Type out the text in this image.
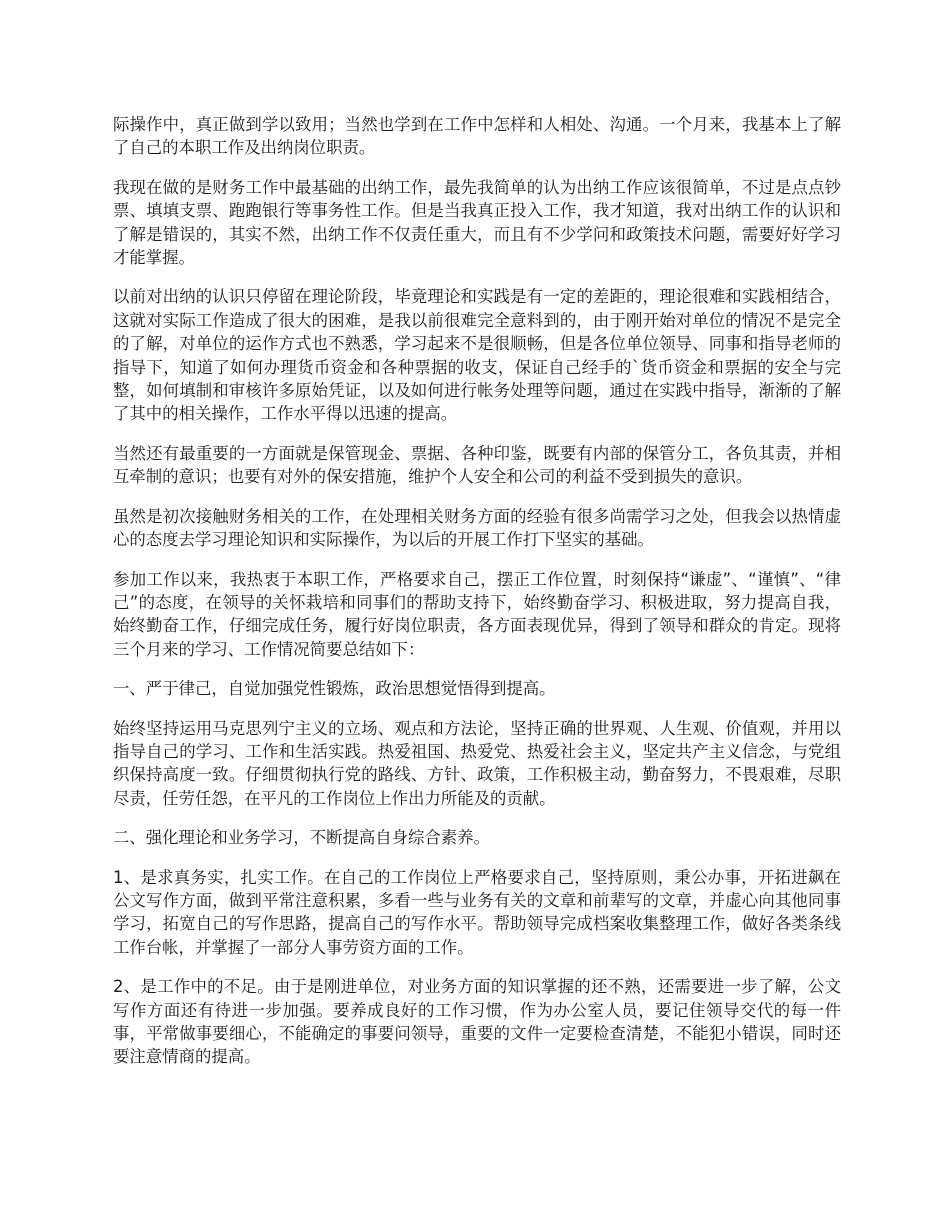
际操作中，真正做到学以致用；当然也学到在工作中怎样和人相处、沟通。一个月来，我基本上了解了自己的本职工作及出纳岗位职责。

我现在做的是财务工作中最基础的出纳工作，最先我简单的认为出纳工作应该很简单，不过是点点钞票、填填支票、跑跑银行等事务性工作。但是当我真正投入工作，我才知道，我对出纳工作的认识和了解是错误的，其实不然，出纳工作不仅责任重大，而且有不少学问和政策技术问题，需要好好学习才能掌握。

以前对出纳的认识只停留在理论阶段，毕竟理论和实践是有一定的差距的，理论很难和实践相结合，这就对实际工作造成了很大的困难，是我以前很难完全意料到的，由于刚开始对单位的情况不是完全的了解，对单位的运作方式也不熟悉，学习起来不是很顺畅，但是各位单位领导、同事和指导老师的指导下，知道了如何办理货币资金和各种票据的收支，保证自己经手的`货币资金和票据的安全与完整，如何填制和审核许多原始凭证，以及如何进行帐务处理等问题，通过在实践中指导，渐渐的了解了其中的相关操作，工作水平得以迅速的提高。

当然还有最重要的一方面就是保管现金、票据、各种印鉴，既要有内部的保管分工，各负其责，并相互牵制的意识；也要有对外的保安措施，维护个人安全和公司的利益不受到损失的意识。

虽然是初次接触财务相关的工作，在处理相关财务方面的经验有很多尚需学习之处，但我会以热情虚心的态度去学习理论知识和实际操作，为以后的开展工作打下坚实的基础。

参加工作以来，我热衷于本职工作，严格要求自己，摆正工作位置，时刻保持“谦虚”、“谨慎”、“律己”的态度，在领导的关怀栽培和同事们的帮助支持下，始终勤奋学习、积极进取，努力提高自我，始终勤奋工作，仔细完成任务，履行好岗位职责，各方面表现优异，得到了领导和群众的肯定。现将三个月来的学习、工作情况简要总结如下：

一、严于律己，自觉加强党性锻炼，政治思想觉悟得到提高。

始终坚持运用马克思列宁主义的立场、观点和方法论，坚持正确的世界观、人生观、价值观，并用以指导自己的学习、工作和生活实践。热爱祖国、热爱党、热爱社会主义，坚定共产主义信念，与党组织保持高度一致。仔细贯彻执行党的路线、方针、政策，工作积极主动，勤奋努力，不畏艰难，尽职尽责，任劳任怨，在平凡的工作岗位上作出力所能及的贡献。

二、强化理论和业务学习，不断提高自身综合素养。

1、是求真务实，扎实工作。在自己的工作岗位上严格要求自己，坚持原则，秉公办事，开拓进飙在公文写作方面，做到平常注意积累，多看一些与业务有关的文章和前辈写的文章，并虚心向其他同事学习，拓宽自己的写作思路，提高自己的写作水平。帮助领导完成档案收集整理工作，做好各类条线工作台帐，并掌握了一部分人事劳资方面的工作。

2、是工作中的不足。由于是刚进单位，对业务方面的知识掌握的还不熟，还需要进一步了解，公文写作方面还有待进一步加强。要养成良好的工作习惯，作为办公室人员，要记住领导交代的每一件事，平常做事要细心，不能确定的事要问领导，重要的文件一定要检查清楚，不能犯小错误，同时还要注意情商的提高。
